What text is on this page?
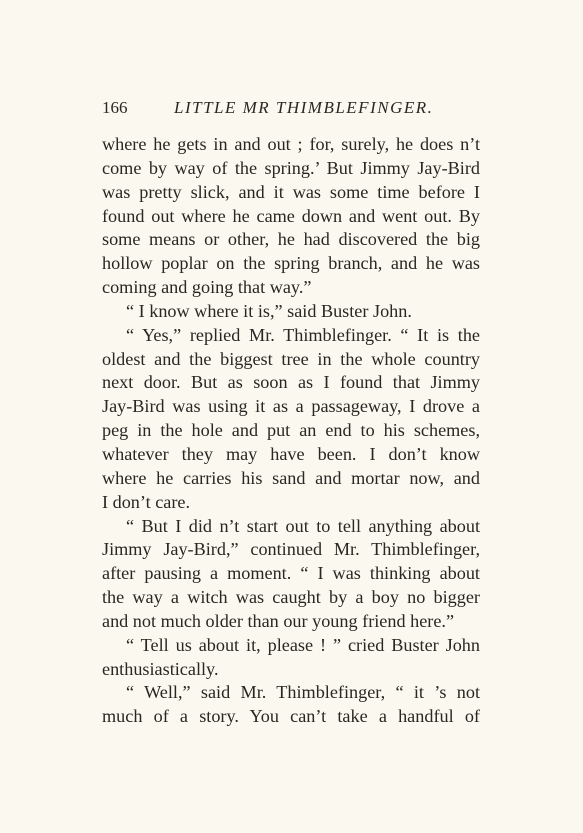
166	LITTLE MR THIMBLEFINGER.
where he gets in and out ; for, surely, he does n’t
come by way of the spring.’ But Jimmy Jay-Bird
was pretty slick, and it was some time before I
found out where he came down and went out. By
some means or other, he had discovered the big
hollow poplar on the spring branch, and he was
coming and going that way.”
“ I know where it is,” said Buster John.
“ Yes,” replied Mr. Thimblefinger. “ It is the
oldest and the biggest tree in the whole country
next door. But as soon as I found that Jimmy
Jay-Bird was using it as a passageway, I drove a
peg in the hole and put an end to his schemes,
whatever they may have been. I don’t know
where he carries his sand and mortar now, and
I don’t care.
“ But I did n’t start out to tell anything about
Jimmy Jay-Bird,” continued Mr. Thimblefinger,
after pausing a moment. “ I was thinking about
the way a witch was caught by a boy no bigger
and not much older than our young friend here.”
“ Tell us about it, please ! ” cried Buster John
enthusiastically.
“ Well,” said Mr. Thimblefinger, “ it ’s not
much of a story. You can’t take a handful of
